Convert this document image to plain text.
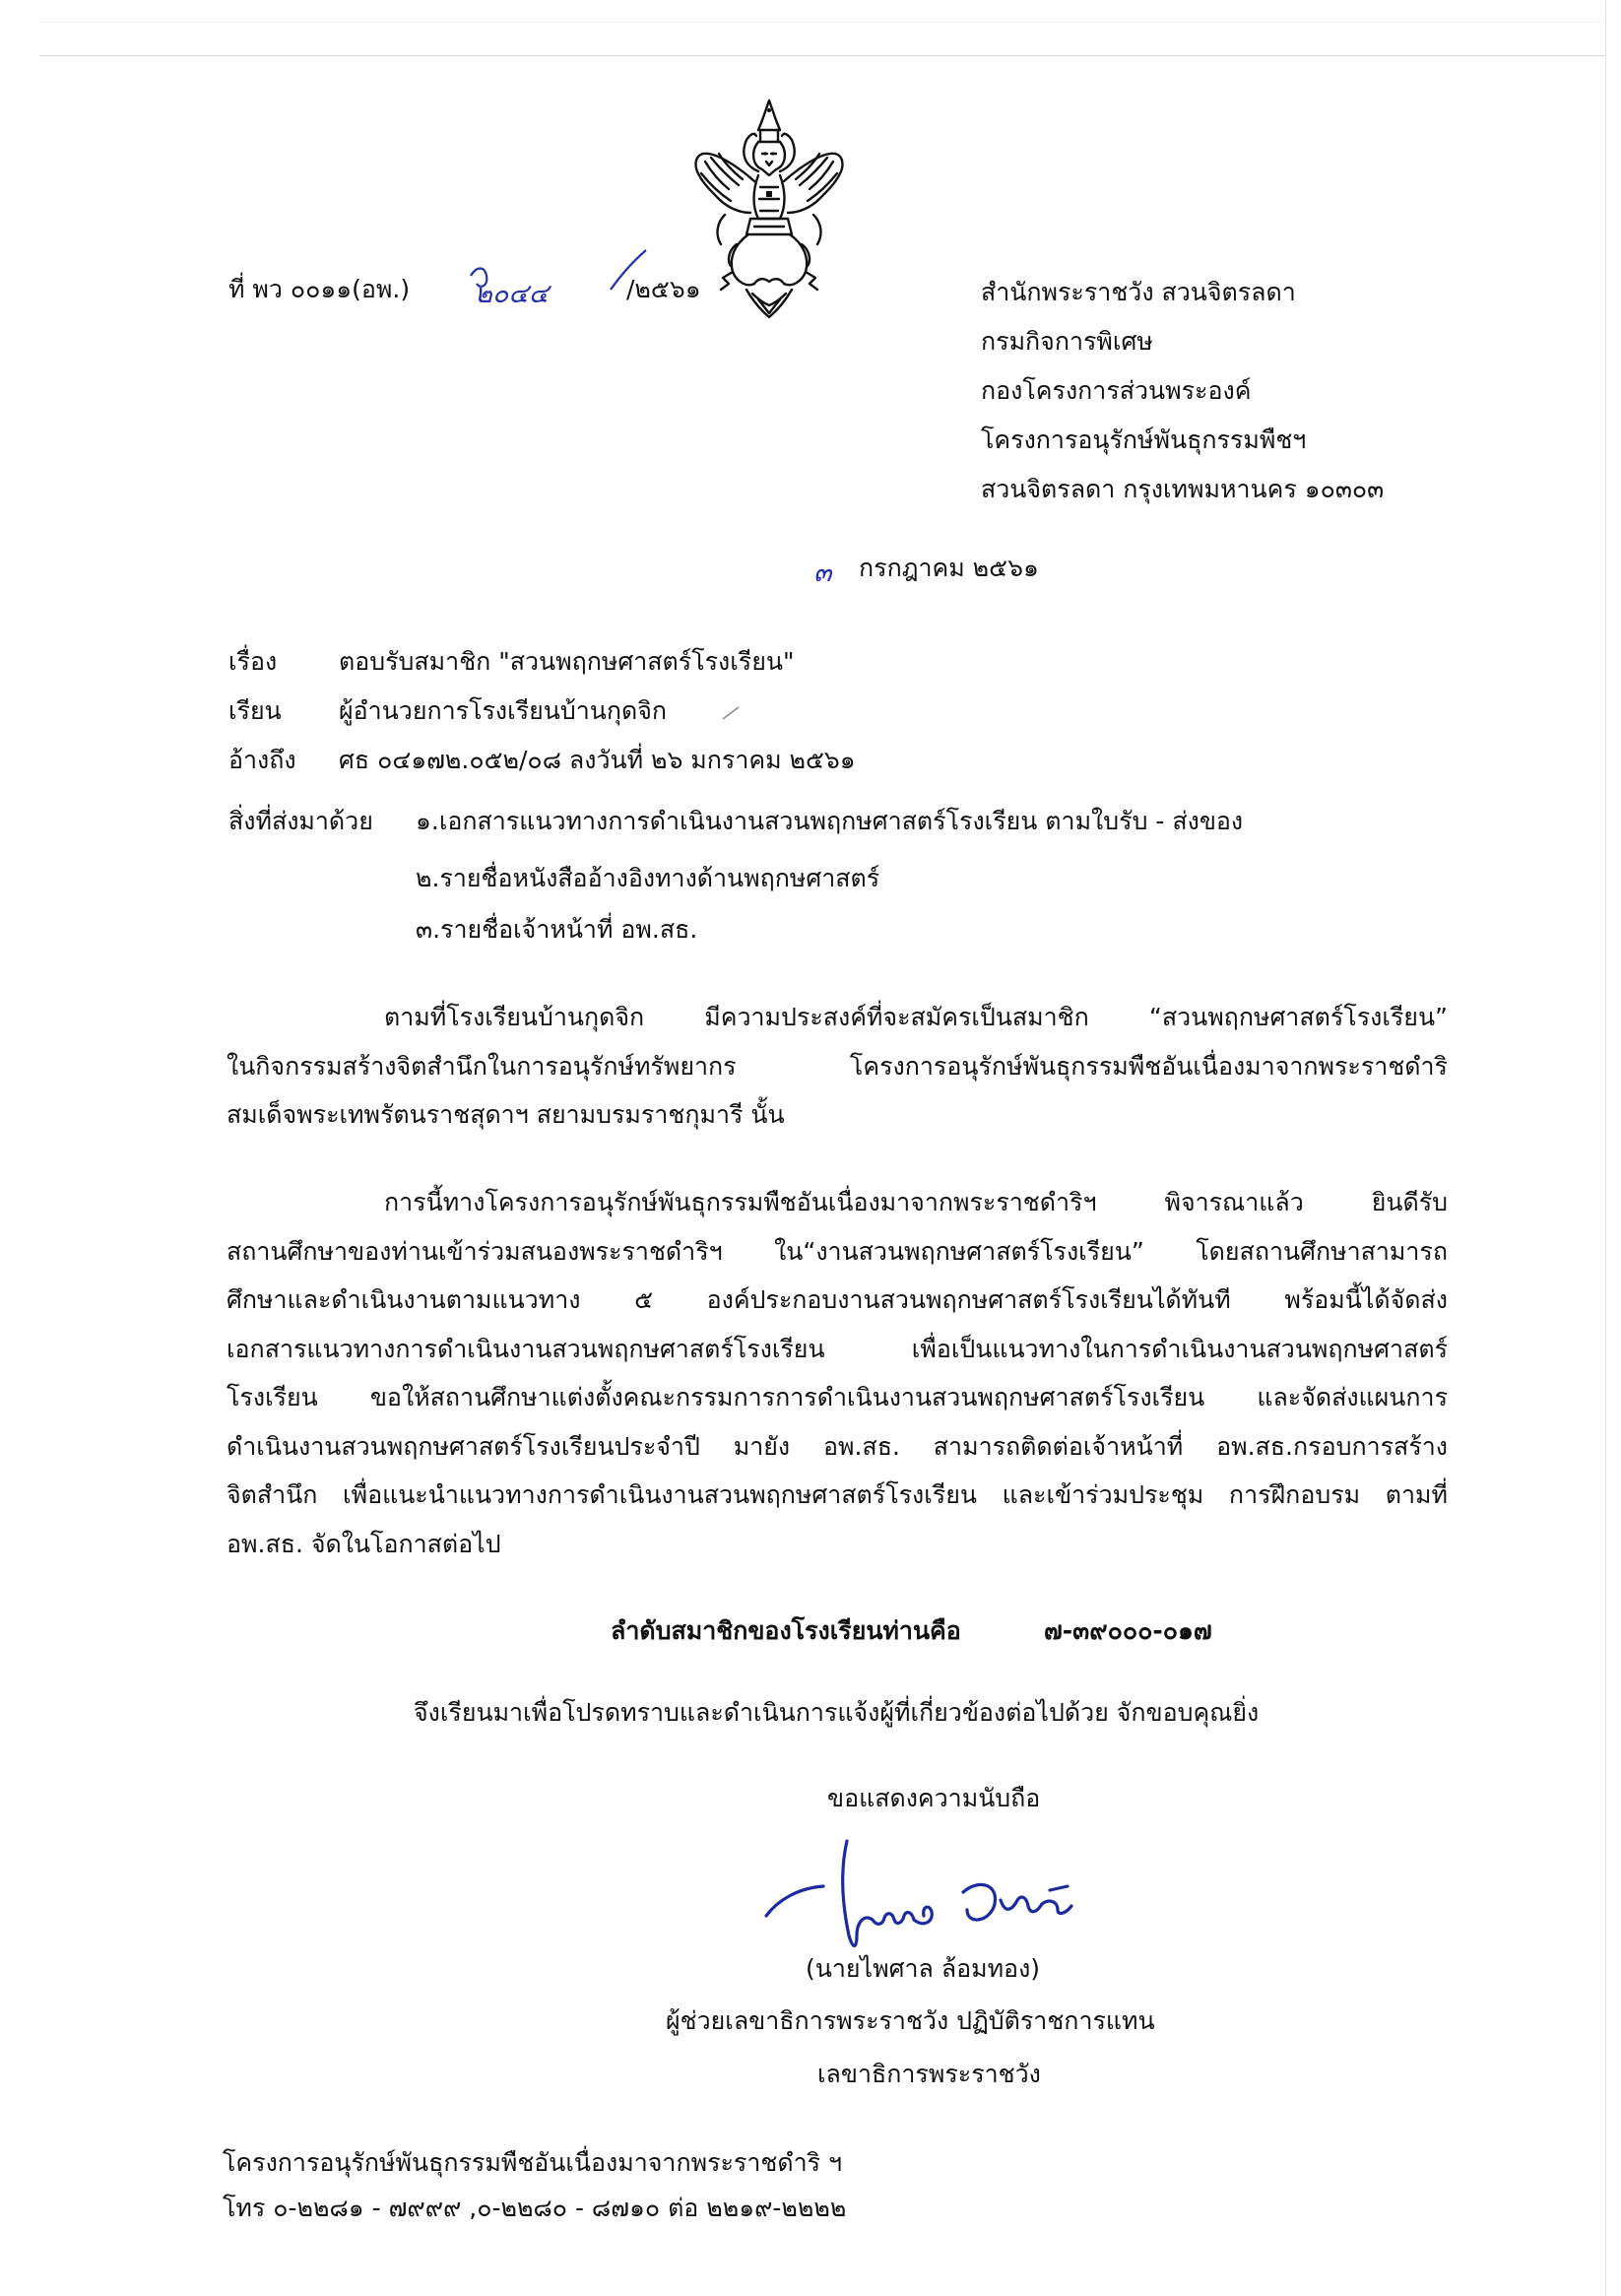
ที่ พว ๐๐๑๑(อพ.) ๒๐๔๔	/๒๕๖๑	สำนักพระราชวัง สวนจิตรลดา
กรมกิจการพิเศษ
กองโครงการส่วนพระองค์
โครงการอนุรักษ์พันธุกรรมพืชฯ
สวนจิตรลดา กรุงเทพมหานคร ๑๐๓๐๓
๓ กรกฎาคม ๒๕๖๑
เรื่อง	ตอบรับสมาชิก "สวนพฤกษศาสตร์โรงเรียน"
เรียน ผู้อำนวยการโรงเรียนบ้านกุดจิก
อ้างถึง ศธ ๐๔๑๗๒.๐๕๒/๐๘ ลงวันที่ ๒๖ มกราคม ๒๕๖๑
สิ่งที่ส่งมาด้วย ๑.เอกสารแนวทางการดำเนินงานสวนพฤกษศาสตร์โรงเรียน ตามใบรับ - ส่งของ
๒.รายชื่อหนังสืออ้างอิงทางด้านพฤกษศาสตร์
๓.รายชื่อเจ้าหน้าที่ อพ.สธ.
ตามที่โรงเรียนบ้านกุดจิก มีความประสงค์ที่จะสมัครเป็นสมาชิก “สวนพฤกษศาสตร์โรงเรียน”
ในกิจกรรมสร้างจิตสำนึกในการอนุรักษ์ทรัพยากร โครงการอนุรักษ์พันธุกรรมพืชอันเนื่องมาจากพระราชดำริ
สมเด็จพระเทพรัตนราชสุดาฯ สยามบรมราชกุมารี นั้น
การนี้ทางโครงการอนุรักษ์พันธุกรรมพืชอันเนื่องมาจากพระราชดำริฯ พิจารณาแล้ว ยินดีรับ
สถานศึกษาของท่านเข้าร่วมสนองพระราชดำริฯ ใน“งานสวนพฤกษศาสตร์โรงเรียน” โดยสถานศึกษาสามารถ
ศึกษาและดำเนินงานตามแนวทาง ๕ องค์ประกอบงานสวนพฤกษศาสตร์โรงเรียนได้ทันที พร้อมนี้ได้จัดส่ง
เอกสารแนวทางการดำเนินงานสวนพฤกษศาสตร์โรงเรียน เพื่อเป็นแนวทางในการดำเนินงานสวนพฤกษศาสตร์
โรงเรียน ขอให้สถานศึกษาแต่งตั้งคณะกรรมการการดำเนินงานสวนพฤกษศาสตร์โรงเรียน และจัดส่งแผนการ
ดำเนินงานสวนพฤกษศาสตร์โรงเรียนประจำปี มายัง อพ.สธ. สามารถติดต่อเจ้าหน้าที่ อพ.สธ.กรอบการสร้าง
จิตสำนึก เพื่อแนะนำแนวทางการดำเนินงานสวนพฤกษศาสตร์โรงเรียน และเข้าร่วมประชุม การฝึกอบรม ตามที่
อพ.สธ. จัดในโอกาสต่อไป
ลำดับสมาชิกของโรงเรียนท่านคือ	๗-๓๙๐๐๐-๐๑๗
จึงเรียนมาเพื่อโปรดทราบและดำเนินการแจ้งผู้ที่เกี่ยวข้องต่อไปด้วย จักขอบคุณยิ่ง
ขอแสดงความนับถือ
(นายไพศาล ล้อมทอง)
ผู้ช่วยเลขาธิการพระราชวัง ปฏิบัติราชการแทน
เลขาธิการพระราชวัง
โครงการอนุรักษ์พันธุกรรมพืชอันเนื่องมาจากพระราชดำริ ฯ
โทร ๐-๒๒๘๑ - ๗๙๙๙ ,๐-๒๒๘๐ - ๘๗๑๐ ต่อ ๒๒๑๙-๒๒๒๒
